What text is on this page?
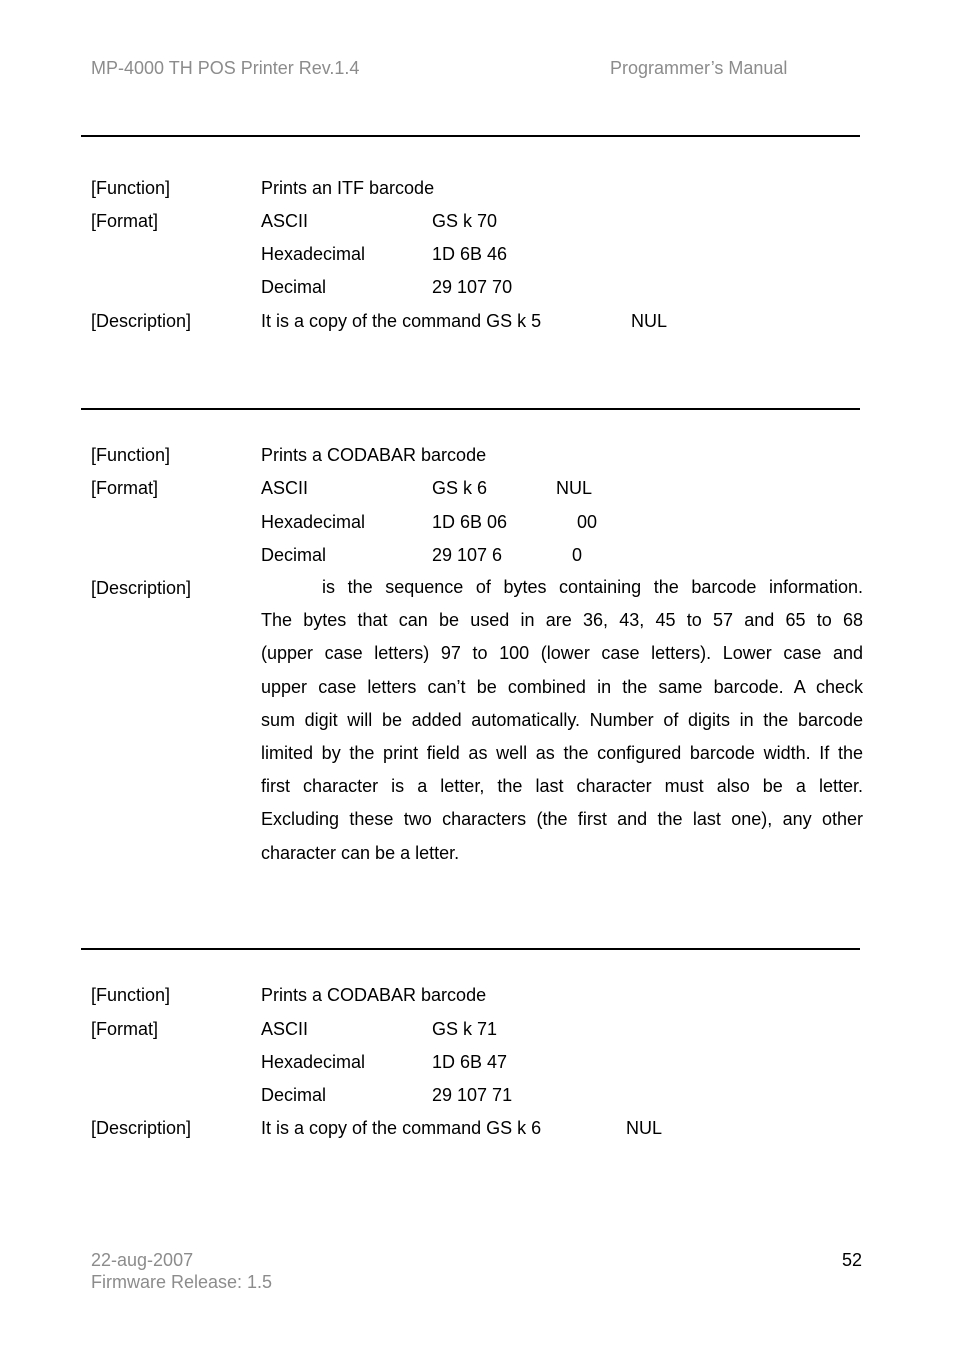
MP-4000 TH POS Printer Rev.1.4	Programmer’s Manual
[Function]	Prints an ITF barcode
[Format]	ASCII	GS k 70
Hexadecimal	1D 6B 46
Decimal	29 107 70
[Description]	It is a copy of the command GS k 5	NUL
[Function]	Prints a CODABAR barcode
[Format]	ASCII	GS k 6	NUL
Hexadecimal	1D 6B 06	00
Decimal	29 107 6	0
[Description]	is the sequence of bytes containing the barcode information.
The bytes that can be used in are 36, 43, 45 to 57 and 65 to 68
(upper case letters) 97 to 100 (lower case letters). Lower case and
upper case letters can’t be combined in the same barcode. A check
sum digit will be added automatically. Number of digits in the barcode
limited by the print field as well as the configured barcode width. If the
first character is a letter, the last character must also be a letter.
Excluding these two characters (the first and the last one), any other
character can be a letter.
[Function]	Prints a CODABAR barcode
[Format]	ASCII	GS k 71
Hexadecimal	1D 6B 47
Decimal	29 107 71
[Description]	It is a copy of the command GS k 6	NUL
22-aug-2007
Firmware Release: 1.5
52
